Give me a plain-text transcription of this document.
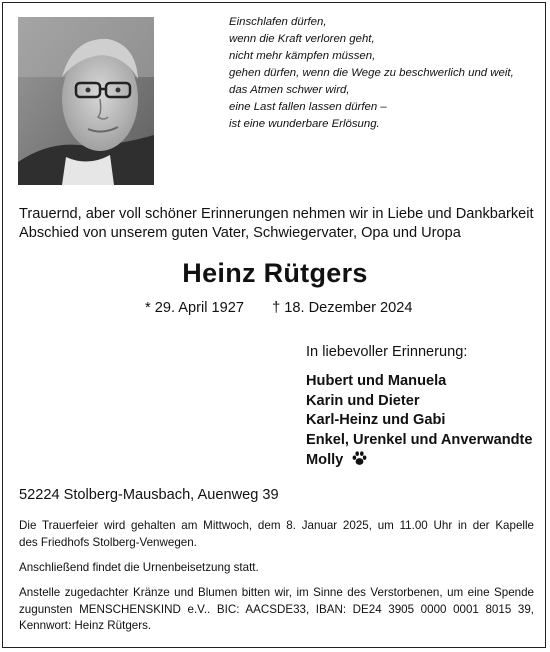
Einschlafen dürfen,
wenn die Kraft verloren geht,
nicht mehr kämpfen müssen,
gehen dürfen, wenn die Wege zu beschwerlich und weit,
das Atmen schwer wird,
eine Last fallen lassen dürfen –
ist eine wunderbare Erlösung.
Trauernd, aber voll schöner Erinnerungen nehmen wir in Liebe und Dankbarkeit
Abschied von unserem guten Vater, Schwiegervater, Opa und Uropa
Heinz Rütgers
* 29. April 1927 † 18. Dezember 2024
In liebevoller Erinnerung:
Hubert und Manuela
Karin und Dieter
Karl-Heinz und Gabi
Enkel, Urenkel und Anverwandte
Molly
52224 Stolberg-Mausbach, Auenweg 39
Die Trauerfeier wird gehalten am Mittwoch, dem 8. Januar 2025, um 11.00 Uhr in der Kapelle
des Friedhofs Stolberg-Venwegen.
Anschließend findet die Urnenbeisetzung statt.
Anstelle zugedachter Kränze und Blumen bitten wir, im Sinne des Verstorbenen, um eine Spende
zugunsten MENSCHENSKIND e.V.. BIC: AACSDE33, IBAN: DE24 3905 0000 0001 8015 39,
Kennwort: Heinz Rütgers.
